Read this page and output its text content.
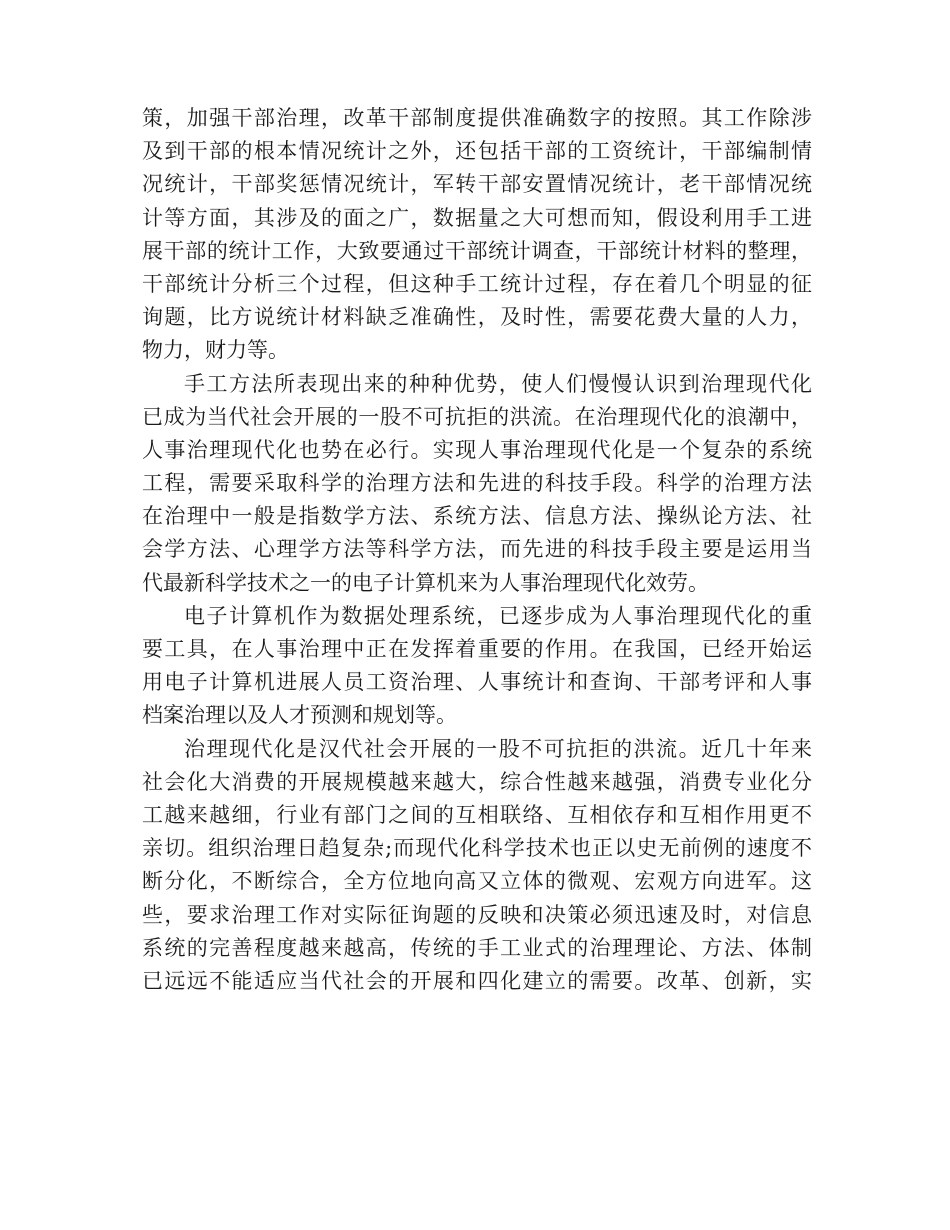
策，加强干部治理，改革干部制度提供准确数字的按照。其工作除涉
及到干部的根本情况统计之外，还包括干部的工资统计，干部编制情
况统计，干部奖惩情况统计，军转干部安置情况统计，老干部情况统
计等方面，其涉及的面之广，数据量之大可想而知，假设利用手工进
展干部的统计工作，大致要通过干部统计调查，干部统计材料的整理，
干部统计分析三个过程，但这种手工统计过程，存在着几个明显的征
询题，比方说统计材料缺乏准确性，及时性，需要花费大量的人力，
物力，财力等。
手工方法所表现出来的种种优势，使人们慢慢认识到治理现代化
已成为当代社会开展的一股不可抗拒的洪流。在治理现代化的浪潮中，
人事治理现代化也势在必行。实现人事治理现代化是一个复杂的系统
工程，需要采取科学的治理方法和先进的科技手段。科学的治理方法
在治理中一般是指数学方法、系统方法、信息方法、操纵论方法、社
会学方法、心理学方法等科学方法，而先进的科技手段主要是运用当
代最新科学技术之一的电子计算机来为人事治理现代化效劳。
电子计算机作为数据处理系统，已逐步成为人事治理现代化的重
要工具，在人事治理中正在发挥着重要的作用。在我国，已经开始运
用电子计算机进展人员工资治理、人事统计和查询、干部考评和人事
档案治理以及人才预测和规划等。
治理现代化是汉代社会开展的一股不可抗拒的洪流。近几十年来
社会化大消费的开展规模越来越大，综合性越来越强，消费专业化分
工越来越细，行业有部门之间的互相联络、互相依存和互相作用更不
亲切。组织治理日趋复杂;而现代化科学技术也正以史无前例的速度不
断分化，不断综合，全方位地向高又立体的微观、宏观方向进军。这
些，要求治理工作对实际征询题的反映和决策必须迅速及时，对信息
系统的完善程度越来越高，传统的手工业式的治理理论、方法、体制
已远远不能适应当代社会的开展和四化建立的需要。改革、创新，实
